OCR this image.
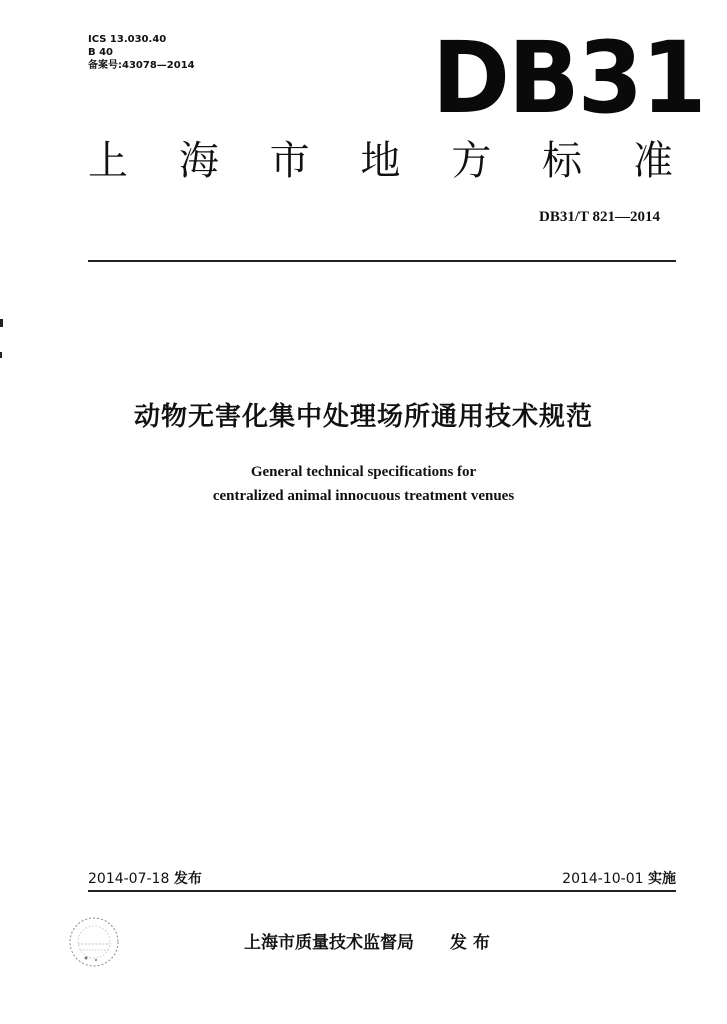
ICS 13.030.40
B 40
备案号:43078—2014	DB31
上 海 市 地 方 标 准
DB31/T 821—2014
动物无害化集中处理场所通用技术规范
General technical specifications for
centralized animal innocuous treatment venues
2014-07-18 发布	2014-10-01 实施
上海市质量技术监督局 发布
